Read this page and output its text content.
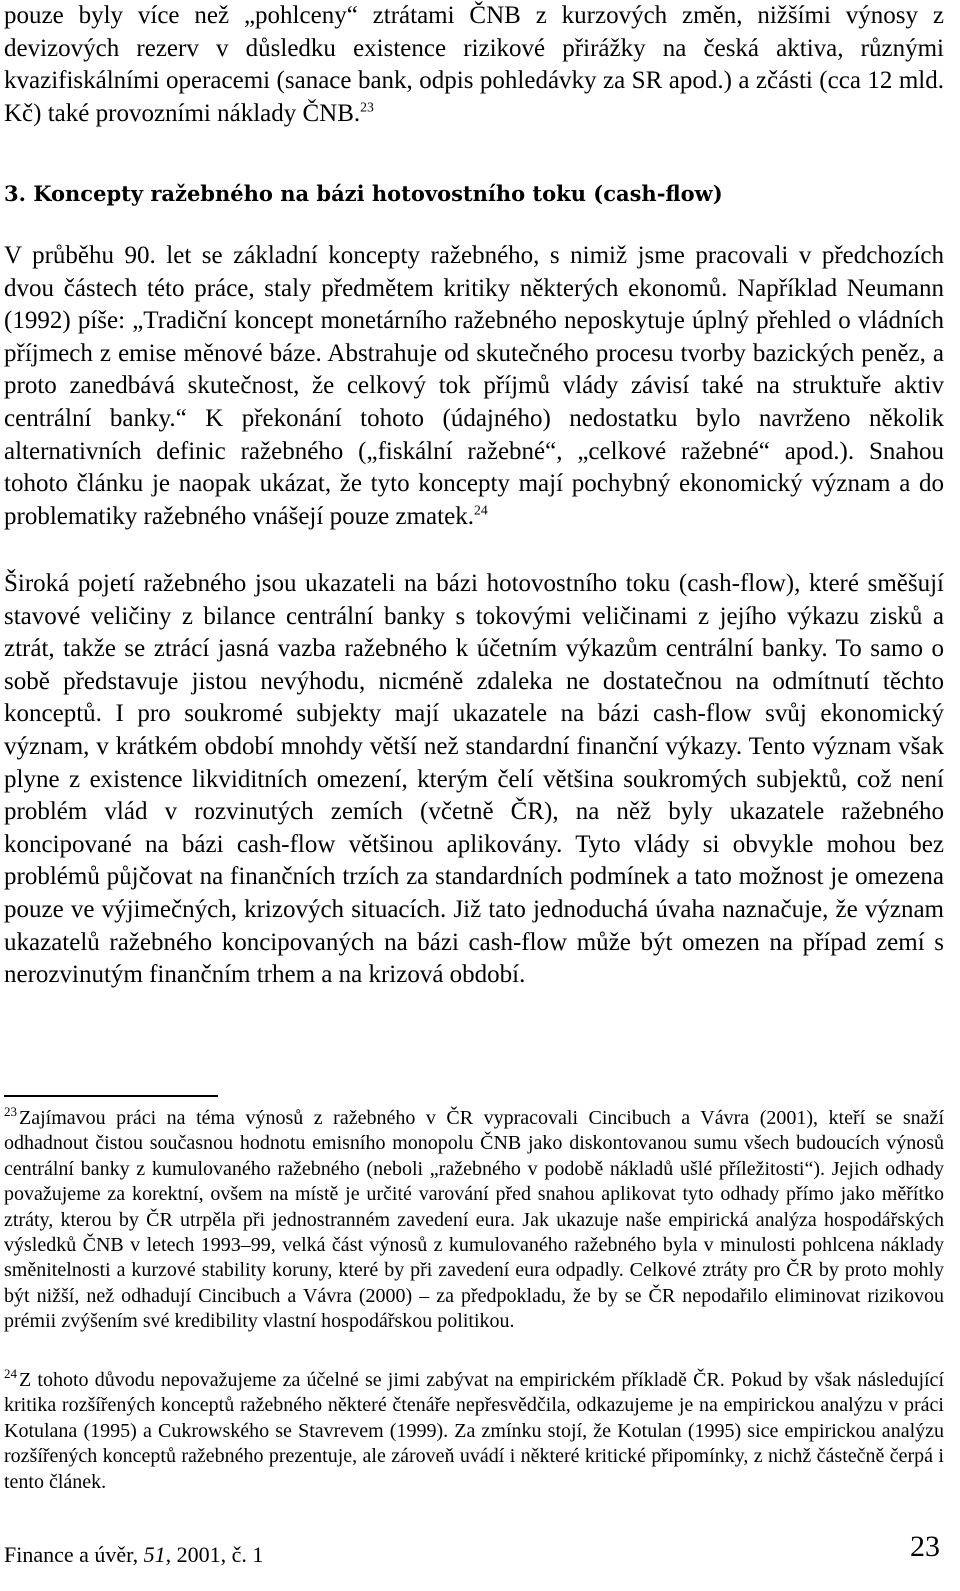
pouze byly více než „pohlceny“ ztrátami ČNB z kurzových změn, nižšími výnosy z devizových rezerv v důsledku existence rizikové přirážky na česká aktiva, různými kvazifiskálními operacemi (sanace bank, odpis pohledávky za SR apod.) a zčásti (cca 12 mld. Kč) také provozními náklady ČNB.$^{23}$

3. Koncepty ražebného na bázi hotovostního toku (cash-flow)

V průběhu 90. let se základní koncepty ražebného, s nimiž jsme pracovali v předchozích dvou částech této práce, staly předmětem kritiky některých ekonomů. Například Neumann (1992) píše: „Tradiční koncept monetárního ražebného neposkytuje úplný přehled o vládních příjmech z emise měnové báze. Abstrahuje od skutečného procesu tvorby bazických peněz, a proto zanedbává skutečnost, že celkový tok příjmů vlády závisí také na struktuře aktiv centrální banky.“ K překonání tohoto (údajného) nedostatku bylo navrženo několik alternativních definic ražebného („fiskální ražebné“, „celkové ražebné“ apod.). Snahou tohoto článku je naopak ukázat, že tyto koncepty mají pochybný ekonomický význam a do problematiky ražebného vnášejí pouze zmatek.$^{24}$

Široká pojetí ražebného jsou ukazateli na bázi hotovostního toku (cash-flow), které směšují stavové veličiny z bilance centrální banky s tokovými veličinami z jejího výkazu zisků a ztrát, takže se ztrácí jasná vazba ražebného k účetním výkazům centrální banky. To samo o sobě představuje jistou nevýhodu, nicméně zdaleka ne dostatečnou na odmítnutí těchto konceptů. I pro soukromé subjekty mají ukazatele na bázi cash-flow svůj ekonomický význam, v krátkém období mnohdy větší než standardní finanční výkazy. Tento význam však plyne z existence likviditních omezení, kterým čelí většina soukromých subjektů, což není problém vlád v rozvinutých zemích (včetně ČR), na něž byly ukazatele ražebného koncipované na bázi cash-flow většinou aplikovány. Tyto vlády si obvykle mohou bez problémů půjčovat na finančních trzích za standardních podmínek a tato možnost je omezena pouze ve výjimečných, krizových situacích. Již tato jednoduchá úvaha naznačuje, že význam ukazatelů ražebného koncipovaných na bázi cash-flow může být omezen na případ zemí s nerozvinutým finančním trhem a na krizová období.

$^{23}$ Zajímavou práci na téma výnosů z ražebného v ČR vypracovali Cincibuch a Vávra (2001), kteří se snaží odhadnout čistou současnou hodnotu emisního monopolu ČNB jako diskontovanou sumu všech budoucích výnosů centrální banky z kumulovaného ražebného (neboli „ražebného v podobě nákladů ušlé příležitosti“). Jejich odhady považujeme za korektní, ovšem na místě je určité varování před snahou aplikovat tyto odhady přímo jako měřítko ztráty, kterou by ČR utrpěla při jednostranném zavedení eura. Jak ukazuje naše empirická analýza hospodářských výsledků ČNB v letech 1993–99, velká část výnosů z kumulovaného ražebného byla v minulosti pohlcena náklady směnitelnosti a kurzové stability koruny, které by při zavedení eura odpadly. Celkové ztráty pro ČR by proto mohly být nižší, než odhadují Cincibuch a Vávra (2000) – za předpokladu, že by se ČR nepodařilo eliminovat rizikovou prémii zvýšením své kredibility vlastní hospodářskou politikou.

$^{24}$ Z tohoto důvodu nepovažujeme za účelné se jimi zabývat na empirickém příkladě ČR. Pokud by však následující kritika rozšířených konceptů ražebného některé čtenáře nepřesvědčila, odkazujeme je na empirickou analýzu v práci Kotulana (1995) a Cukrowského se Stavrevem (1999). Za zmínku stojí, že Kotulan (1995) sice empirickou analýzu rozšířených konceptů ražebného prezentuje, ale zároveň uvádí i některé kritické připomínky, z nichž částečně čerpá i tento článek.

Finance a úvěr, 51, 2001, č. 1	23
